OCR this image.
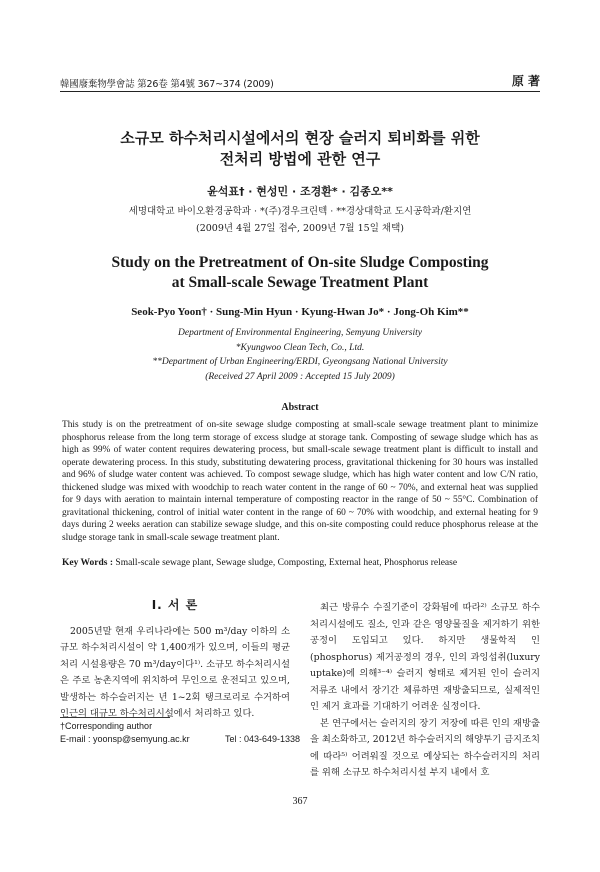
韓國廢棄物學會誌 第26卷 第4號 367~374 (2009)	原 著
소규모 하수처리시설에서의 현장 슬러지 퇴비화를 위한
전처리 방법에 관한 연구
윤석표† · 현성민 · 조경환* · 김종오**
세명대학교 바이오환경공학과 · *(주)경우크린텍 · **경상대학교 도시공학과/환지연
(2009년 4월 27일 접수, 2009년 7월 15일 채택)
Study on the Pretreatment of On-site Sludge Composting
at Small-scale Sewage Treatment Plant
Seok-Pyo Yoon† · Sung-Min Hyun · Kyung-Hwan Jo* · Jong-Oh Kim**
Department of Environmental Engineering, Semyung University
*Kyungwoo Clean Tech, Co., Ltd.
**Department of Urban Engineering/ERDI, Gyeongsang National University
(Received 27 April 2009 : Accepted 15 July 2009)
Abstract
This study is on the pretreatment of on-site sewage sludge composting at small-scale sewage treatment plant to minimize phosphorus release from the long term storage of excess sludge at storage tank. Composting of sewage sludge which has as high as 99% of water content requires dewatering process, but small-scale sewage treatment plant is difficult to install and operate dewatering process. In this study, substituting dewatering process, gravitational thickening for 30 hours was installed and 96% of sludge water content was achieved. To compost sewage sludge, which has high water content and low C/N ratio, thickened sludge was mixed with woodchip to reach water content in the range of 60 ~ 70%, and external heat was supplied for 9 days with aeration to maintain internal temperature of composting reactor in the range of 50 ~ 55°C. Combination of gravitational thickening, control of initial water content in the range of 60 ~ 70% with woodchip, and external heating for 9 days during 2 weeks aeration can stabilize sewage sludge, and this on-site composting could reduce phosphorus release at the sludge storage tank in small-scale sewage treatment plant.
Key Words : Small-scale sewage plant, Sewage sludge, Composting, External heat, Phosphorus release
I. 서 론

2005년말 현재 우리나라에는 500 m³/day 이하의 소규모 하수처리시설이 약 1,400개가 있으며, 이들의 평균 처리 시설용량은 70 m³/day이다¹⁾. 소규모 하수처리시설은 주로 농촌지역에 위치하여 무인으로 운전되고 있으며, 발생하는 하수슬러지는 년 1~2회 탱크로리로 수거하여 인근의 대규모 하수처리시설에서 처리하고 있다.

최근 방류수 수질기준이 강화됨에 따라²⁾ 소규모 하수처리시설에도 질소, 인과 같은 영양물질을 제거하기 위한 공정이 도입되고 있다. 하지만 생물학적 인(phosphorus) 제거공정의 경우, 인의 과잉섭취(luxury uptake)에 의해³⁻⁴⁾ 슬러지 형태로 제거된 인이 슬러지 저류조 내에서 장기간 체류하면 재방출되므로, 실제적인 인 제거 효과를 기대하기 어려운 실정이다.

본 연구에서는 슬러지의 장기 저장에 따른 인의 재방출을 최소화하고, 2012년 하수슬러지의 해양투기 금지조치에 따라⁵⁾ 어려워질 것으로 예상되는 하수슬러지의 처리를 위해 소규모 하수처리시설 부지 내에서 호

†Corresponding author
E-mail : yoonsp@semyung.ac.kr	Tel : 043-649-1338
367
